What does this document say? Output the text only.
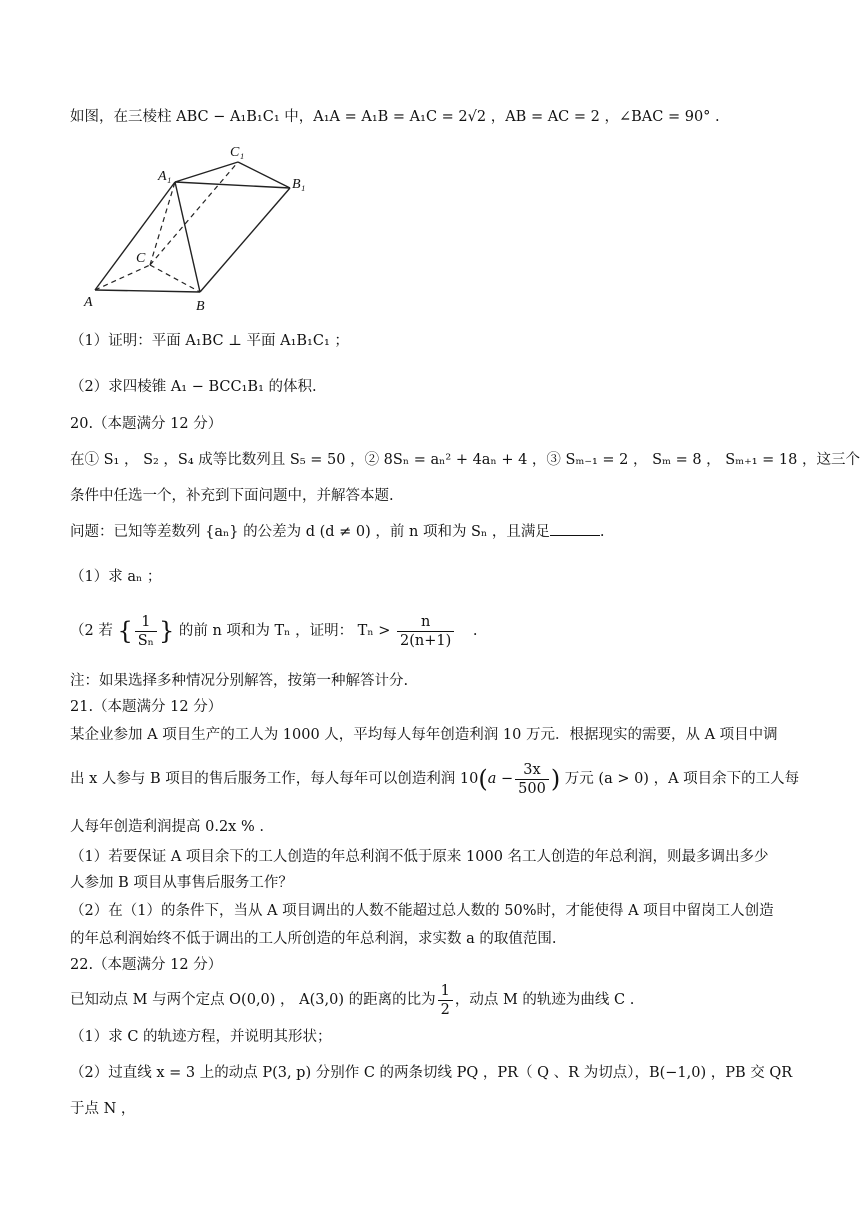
如图，在三棱柱 ABC − A₁B₁C₁ 中，A₁A = A₁B = A₁C = 2√2 ，AB = AC = 2 ，∠BAC = 90° .
A₁
C₁
B₁
C
A	B
（1）证明：平面 A₁BC ⊥ 平面 A₁B₁C₁ ；
（2）求四棱锥 A₁ − BCC₁B₁ 的体积.
20.（本题满分 12 分）
在① S₁ ， S₂ ，S₄ 成等比数列且 S₅ = 50 ，② 8Sₙ = aₙ² + 4aₙ + 4 ，③ Sₘ₋₁ = 2 ， Sₘ = 8 ， Sₘ₊₁ = 18 ，这三个
条件中任选一个，补充到下面问题中，并解答本题.
问题：已知等差数列 {aₙ} 的公差为 d (d ≠ 0) ，前 n 项和为 Sₙ ，且满足	.
（1）求 aₙ ；
（2 若 { $\frac{1}{\text{Sₙ}}$ } 的前 n 项和为 Tₙ ，证明： $T_n > \frac{n}{2(n+1)}$ .
注：如果选择多种情况分别解答，按第一种解答计分.
21.（本题满分 12 分）
某企业参加 A 项目生产的工人为 1000 人，平均每人每年创造利润 10 万元．根据现实的需要，从 A 项目中调
出 x 人参与 B 项目的售后服务工作，每人每年可以创造利润 $10(a - \frac{3x}{500}$ ) 万元 (a > 0) ，A 项目余下的工人每
人每年创造利润提高 0.2x % .
（1）若要保证 A 项目余下的工人创造的年总利润不低于原来 1000 名工人创造的年总利润，则最多调出多少
人参加 B 项目从事售后服务工作？
（2）在（1）的条件下，当从 A 项目调出的人数不能超过总人数的 50%时，才能使得 A 项目中留岗工人创造
的年总利润始终不低于调出的工人所创造的年总利润，求实数 a 的取值范围.
22.（本题满分 12 分）
已知动点 M 与两个定点 O(0,0) ， A(3,0) 的距离的比为 $\frac{1}{2}$ ，动点 M 的轨迹为曲线 C .
（1）求 C 的轨迹方程，并说明其形状；
（2）过直线 x = 3 上的动点 P(3, p) 分别作 C 的两条切线 PQ ，PR（ Q 、R 为切点），B(−1,0) ，PB 交 QR
于点 N ，
